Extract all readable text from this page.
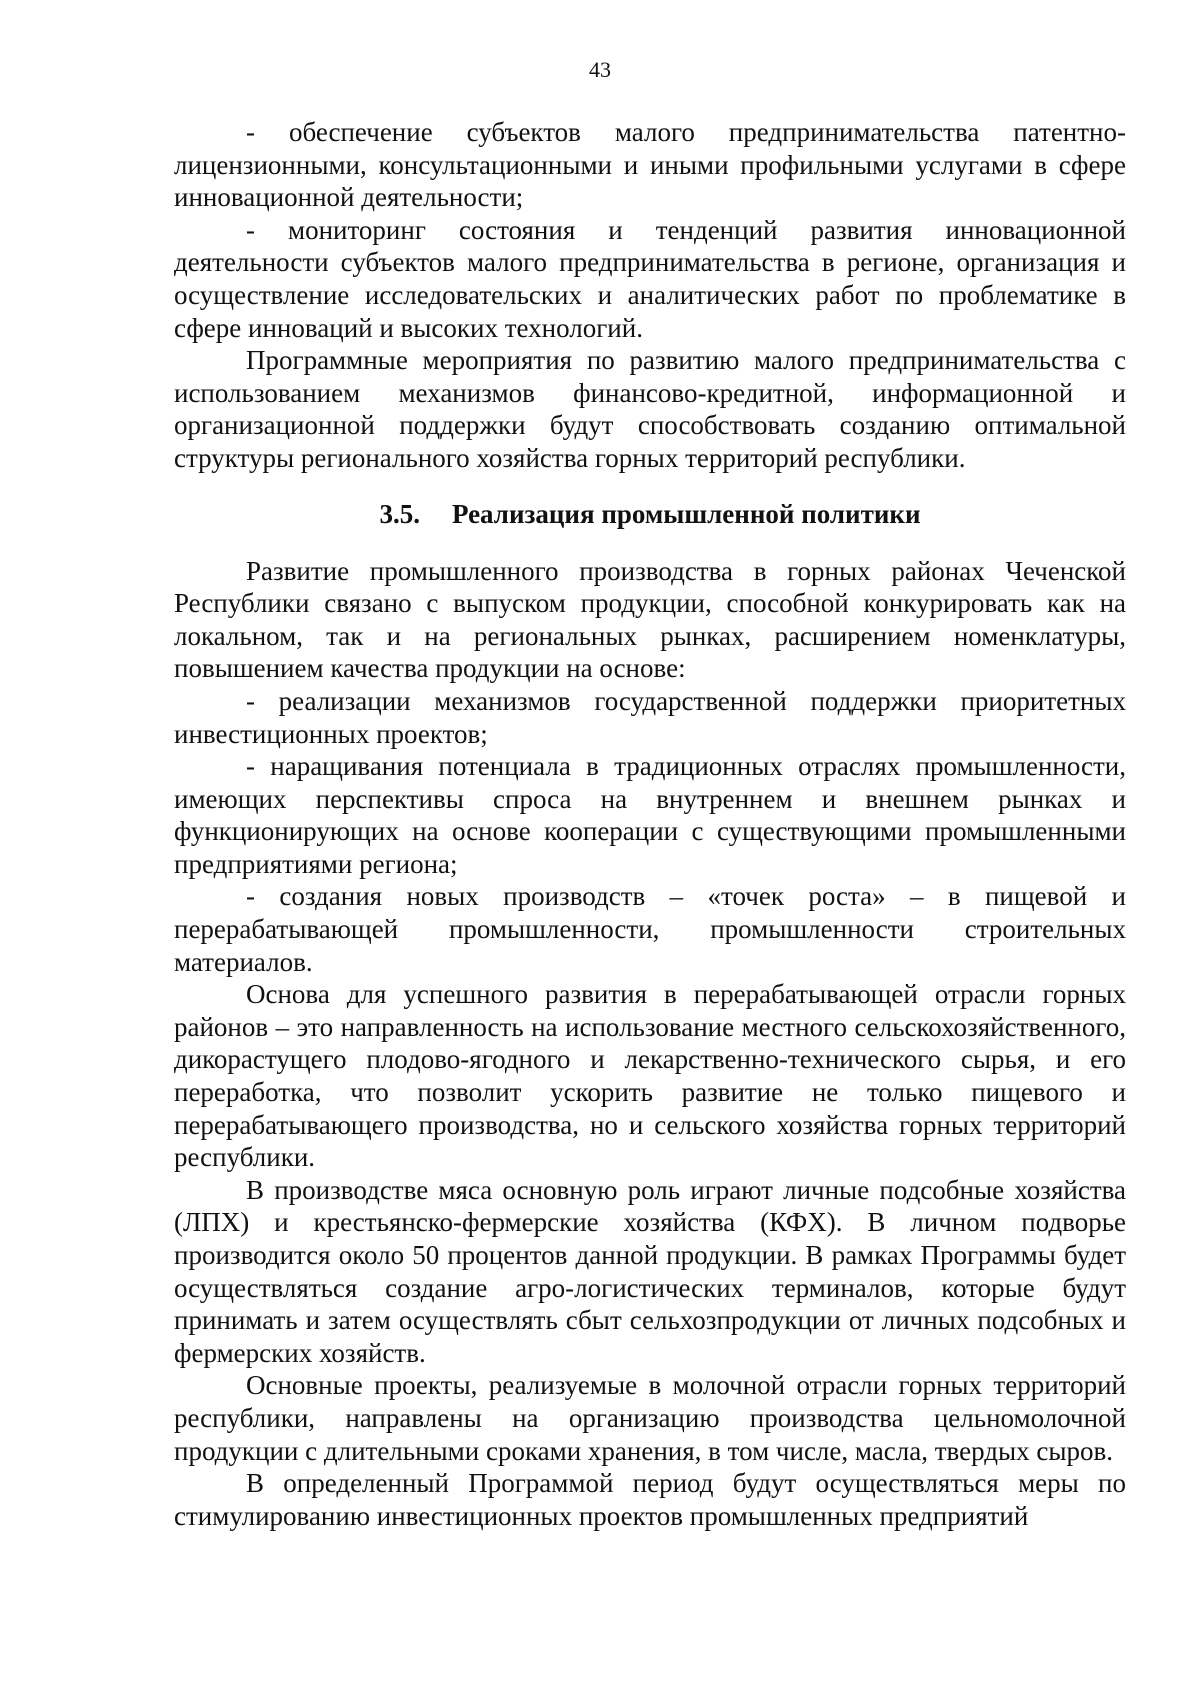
43

- обеспечение субъектов малого предпринимательства патентно-лицензионными, консультационными и иными профильными услугами в сфере инновационной деятельности;

- мониторинг состояния и тенденций развития инновационной деятельности субъектов малого предпринимательства в регионе, организация и осуществление исследовательских и аналитических работ по проблематике в сфере инноваций и высоких технологий.

Программные мероприятия по развитию малого предпринимательства с использованием механизмов финансово-кредитной, информационной и организационной поддержки будут способствовать созданию оптимальной структуры регионального хозяйства горных территорий республики.

3.5. Реализация промышленной политики

Развитие промышленного производства в горных районах Чеченской Республики связано с выпуском продукции, способной конкурировать как на локальном, так и на региональных рынках, расширением номенклатуры, повышением качества продукции на основе:

- реализации механизмов государственной поддержки приоритетных инвестиционных проектов;

- наращивания потенциала в традиционных отраслях промышленности, имеющих перспективы спроса на внутреннем и внешнем рынках и функционирующих на основе кооперации с существующими промышленными предприятиями региона;

- создания новых производств – «точек роста» – в пищевой и перерабатывающей промышленности, промышленности строительных материалов.

Основа для успешного развития в перерабатывающей отрасли горных районов – это направленность на использование местного сельскохозяйственного, дикорастущего плодово-ягодного и лекарственно-технического сырья, и его переработка, что позволит ускорить развитие не только пищевого и перерабатывающего производства, но и сельского хозяйства горных территорий республики.

В производстве мяса основную роль играют личные подсобные хозяйства (ЛПХ) и крестьянско-фермерские хозяйства (КФХ). В личном подворье производится около 50 процентов данной продукции. В рамках Программы будет осуществляться создание агро-логистических терминалов, которые будут принимать и затем осуществлять сбыт сельхозпродукции от личных подсобных и фермерских хозяйств.

Основные проекты, реализуемые в молочной отрасли горных территорий республики, направлены на организацию производства цельномолочной продукции с длительными сроками хранения, в том числе, масла, твердых сыров.

В определенный Программой период будут осуществляться меры по стимулированию инвестиционных проектов промышленных предприятий
